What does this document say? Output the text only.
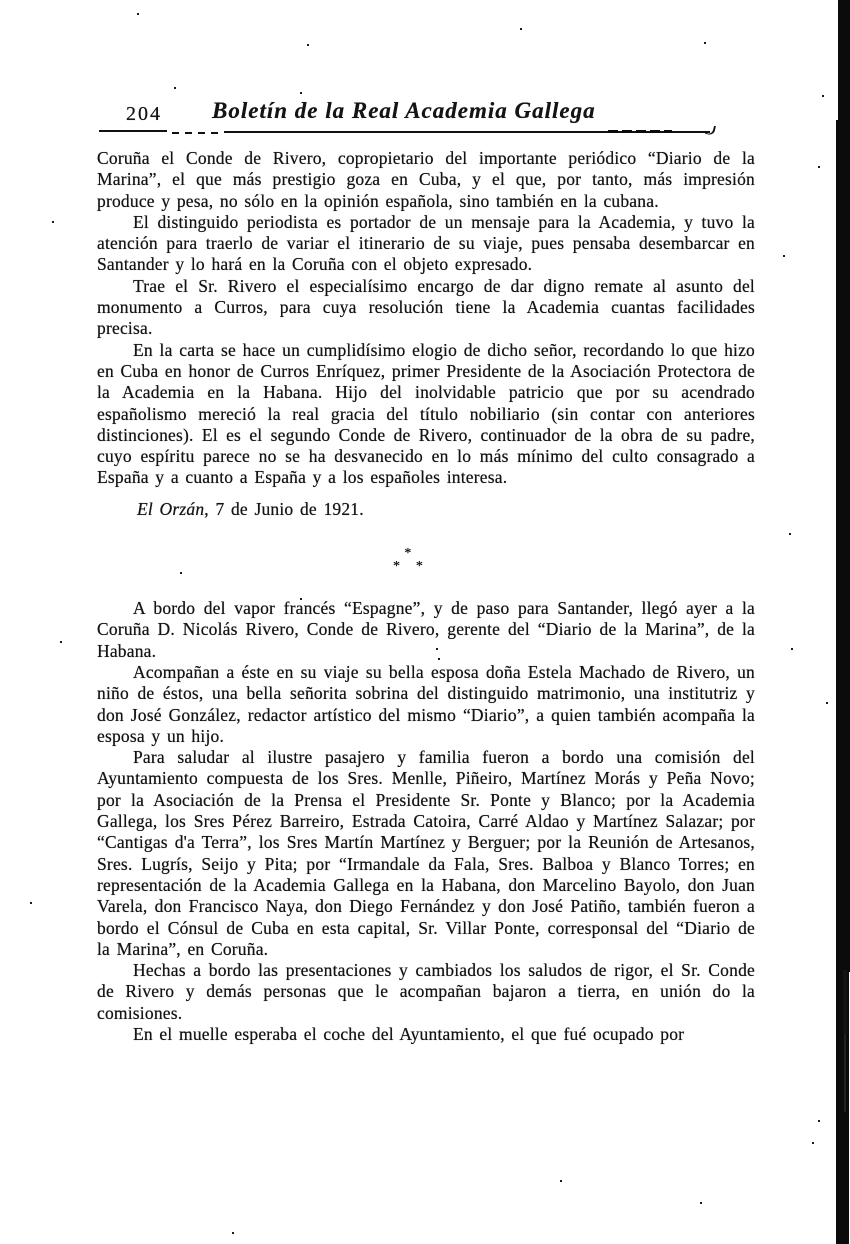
204 Boletín de la Real Academia Gallega

Coruña el Conde de Rivero, copropietario del importante periódico “Diario de la Marina”, el que más prestigio goza en Cuba, y el que, por tanto, más impresión produce y pesa, no sólo en la opinión española, sino también en la cubana.

El distinguido periodista es portador de un mensaje para la Academia, y tuvo la atención para traerlo de variar el itinerario de su viaje, pues pensaba desembarcar en Santander y lo hará en la Coruña con el objeto expresado.

Trae el Sr. Rivero el especialísimo encargo de dar digno remate al asunto del monumento a Curros, para cuya resolución tiene la Academia cuantas facilidades precisa.

En la carta se hace un cumplidísimo elogio de dicho señor, recordando lo que hizo en Cuba en honor de Curros Enríquez, primer Presidente de la Asociación Protectora de la Academia en la Habana. Hijo del inolvidable patricio que por su acendrado españolismo mereció la real gracia del título nobiliario (sin contar con anteriores distinciones). El es el segundo Conde de Rivero, continuador de la obra de su padre, cuyo espíritu parece no se ha desvanecido en lo más mínimo del culto consagrado a España y a cuanto a España y a los españoles interesa.

El Orzán, 7 de Junio de 1921.

*
* *

A bordo del vapor francés “Espagne”, y de paso para Santander, llegó ayer a la Coruña D. Nicolás Rivero, Conde de Rivero, gerente del “Diario de la Marina”, de la Habana.

Acompañan a éste en su viaje su bella esposa doña Estela Machado de Rivero, un niño de éstos, una bella señorita sobrina del distinguido matrimonio, una institutriz y don José González, redactor artístico del mismo “Diario”, a quien también acompaña la esposa y un hijo.

Para saludar al ilustre pasajero y familia fueron a bordo una comisión del Ayuntamiento compuesta de los Sres. Menlle, Piñeiro, Martínez Morás y Peña Novo; por la Asociación de la Prensa el Presidente Sr. Ponte y Blanco; por la Academia Gallega, los Sres Pérez Barreiro, Estrada Catoira, Carré Aldao y Martínez Salazar; por “Cantigas d'a Terra”, los Sres Martín Martínez y Berguer; por la Reunión de Artesanos, Sres. Lugrís, Seijo y Pita; por “Irmandale da Fala, Sres. Balboa y Blanco Torres; en representación de la Academia Gallega en la Habana, don Marcelino Bayolo, don Juan Varela, don Francisco Naya, don Diego Fernández y don José Patiño, también fueron a bordo el Cónsul de Cuba en esta capital, Sr. Villar Ponte, corresponsal del “Diario de la Marina”, en Coruña.

Hechas a bordo las presentaciones y cambiados los saludos de rigor, el Sr. Conde de Rivero y demás personas que le acompañan bajaron a tierra, en unión do la comisiones.

En el muelle esperaba el coche del Ayuntamiento, el que fué ocupado por
